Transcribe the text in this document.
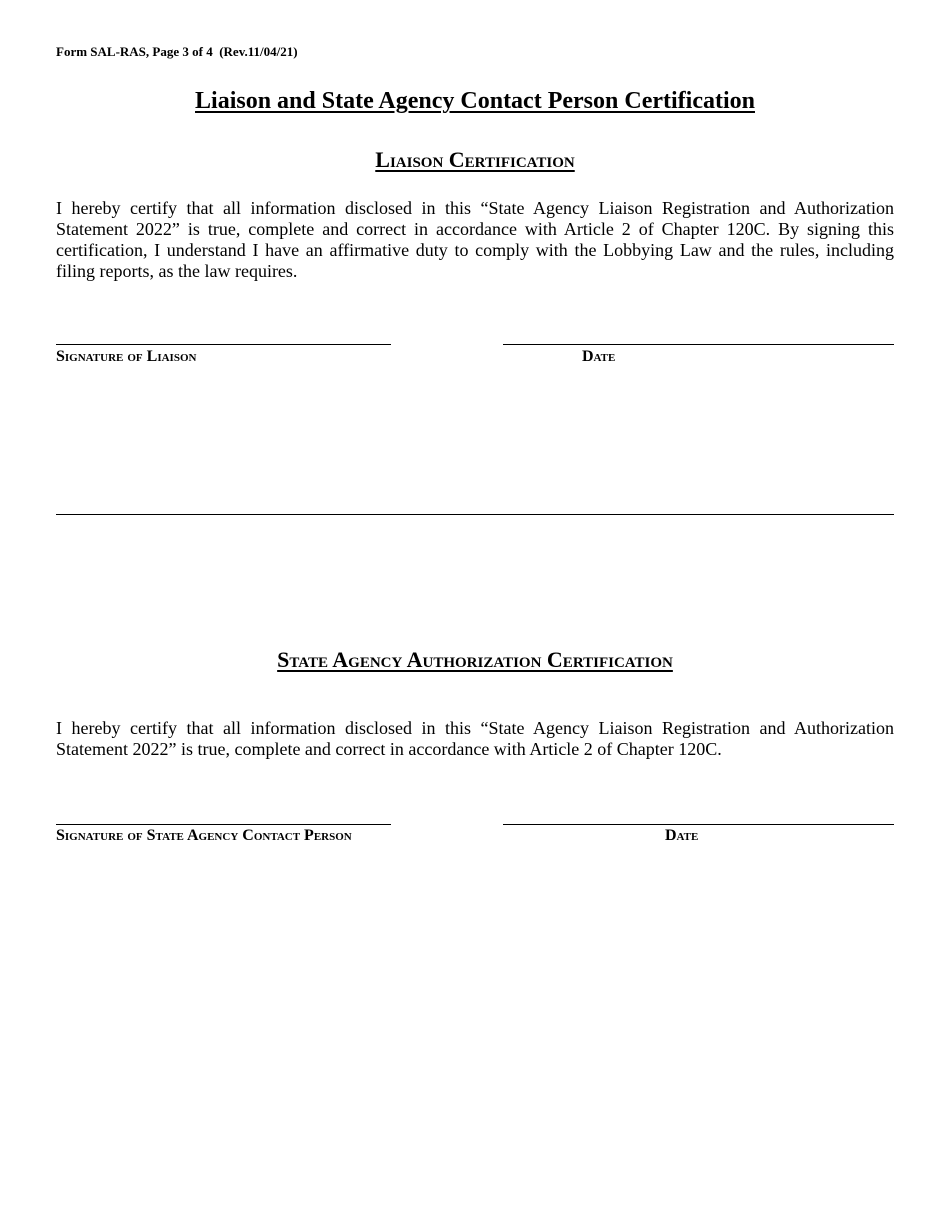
Form SAL-RAS, Page 3 of 4  (Rev.11/04/21)
Liaison and State Agency Contact Person Certification
Liaison Certification
I hereby certify that all information disclosed in this “State Agency Liaison Registration and Authorization Statement 2022” is true, complete and correct in accordance with Article 2 of Chapter 120C. By signing this certification, I understand I have an affirmative duty to comply with the Lobbying Law and the rules, including filing reports, as the law requires.
Signature of Liaison	Date
State Agency Authorization Certification
I hereby certify that all information disclosed in this “State Agency Liaison Registration and Authorization Statement 2022” is true, complete and correct in accordance with Article 2 of Chapter 120C.
Signature of State Agency Contact Person	Date
